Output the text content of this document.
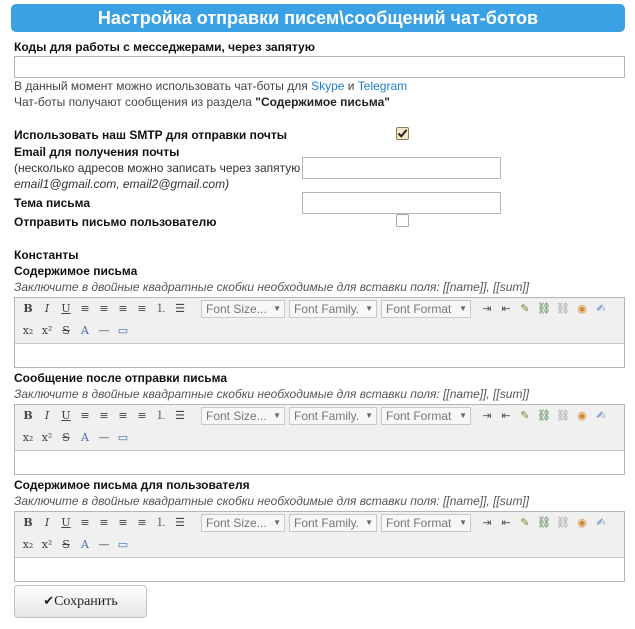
Настройка отправки писем\сообщений чат-ботов
Коды для работы с месседжерами, через запятую
В данный момент можно использовать чат-боты для Skype и Telegram
Чат-боты получают сообщения из раздела "Содержимое письма"
Использовать наш SMTP для отправки почты
Email для получения почты
(несколько адресов можно записать через запятую
email1@gmail.com, email2@gmail.com)
Тема письма
Отправить письмо пользователю
Константы
Содержимое письма
Заключите в двойные квадратные скобки необходимые для вставки поля: [[name]], [[sum]]
B	I	U ≡ ≡ ≡ ≡ ⒈ ☰	Font Size... ▼	Font Family. ▼	Font Format ▼	⇥ ⇤ ✎ ⛓ ⛓ ◉ ✍
x₂ x² S	A — ▭
Сообщение после отправки письма
Заключите в двойные квадратные скобки необходимые для вставки поля: [[name]], [[sum]]
B	I	U ≡ ≡ ≡ ≡ ⒈ ☰	Font Size... ▼	Font Family. ▼	Font Format ▼	⇥ ⇤ ✎ ⛓ ⛓ ◉ ✍
x₂ x² S	A — ▭
Содержимое письма для пользователя
Заключите в двойные квадратные скобки необходимые для вставки поля: [[name]], [[sum]]
B	I	U ≡ ≡ ≡ ≡ ⒈ ☰	Font Size... ▼	Font Family. ▼	Font Format ▼	⇥ ⇤ ✎ ⛓ ⛓ ◉ ✍
x₂ x² S	A — ▭
✔Сохранить
